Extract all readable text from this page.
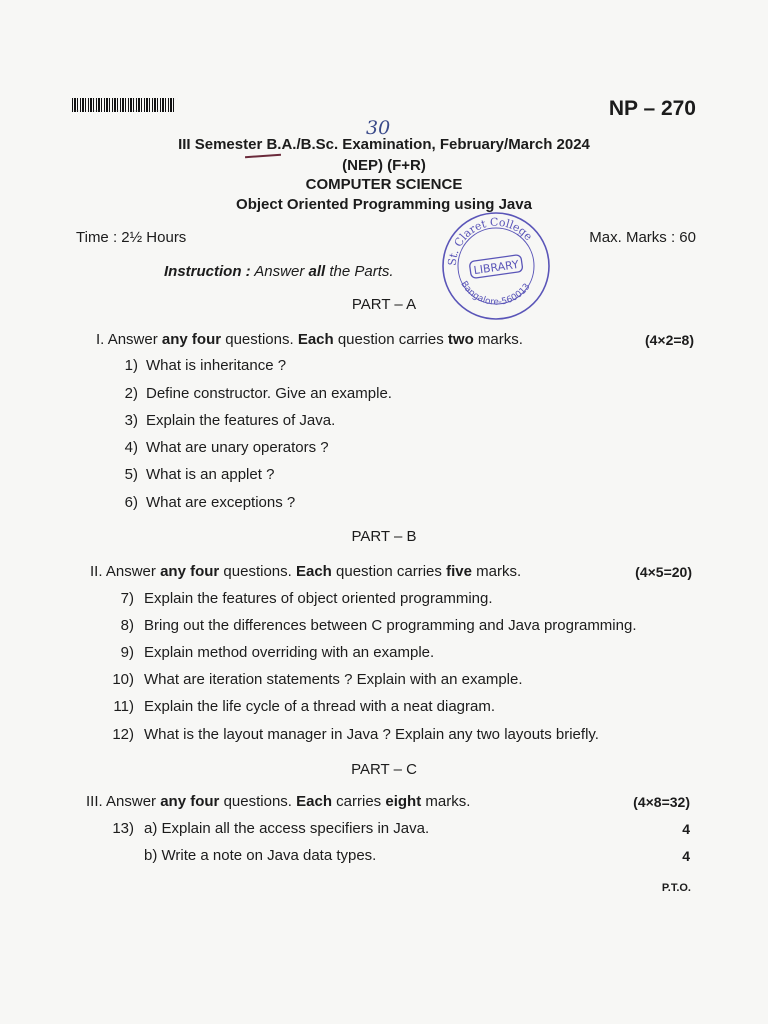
NP – 270
30
III Semester B.A./B.Sc. Examination, February/March 2024
(NEP) (F+R)
COMPUTER SCIENCE
Object Oriented Programming using Java
Time : 2½ Hours	Max. Marks : 60
Instruction : Answer all the Parts.
St. Claret College
Bangalore-560013
LIBRARY
PART – A
I. Answer any four questions. Each question carries two marks.	(4×2=8)
1) What is inheritance ?
2) Define constructor. Give an example.
3) Explain the features of Java.
4) What are unary operators ?
5) What is an applet ?
6) What are exceptions ?
PART – B
II. Answer any four questions. Each question carries five marks.	(4×5=20)
7) Explain the features of object oriented programming.
8) Bring out the differences between C programming and Java programming.
9) Explain method overriding with an example.
10) What are iteration statements ? Explain with an example.
11) Explain the life cycle of a thread with a neat diagram.
12) What is the layout manager in Java ? Explain any two layouts briefly.
PART – C
III. Answer any four questions. Each carries eight marks.	(4×8=32)
13) a) Explain all the access specifiers in Java.	4
b) Write a note on Java data types.	4
P.T.O.
